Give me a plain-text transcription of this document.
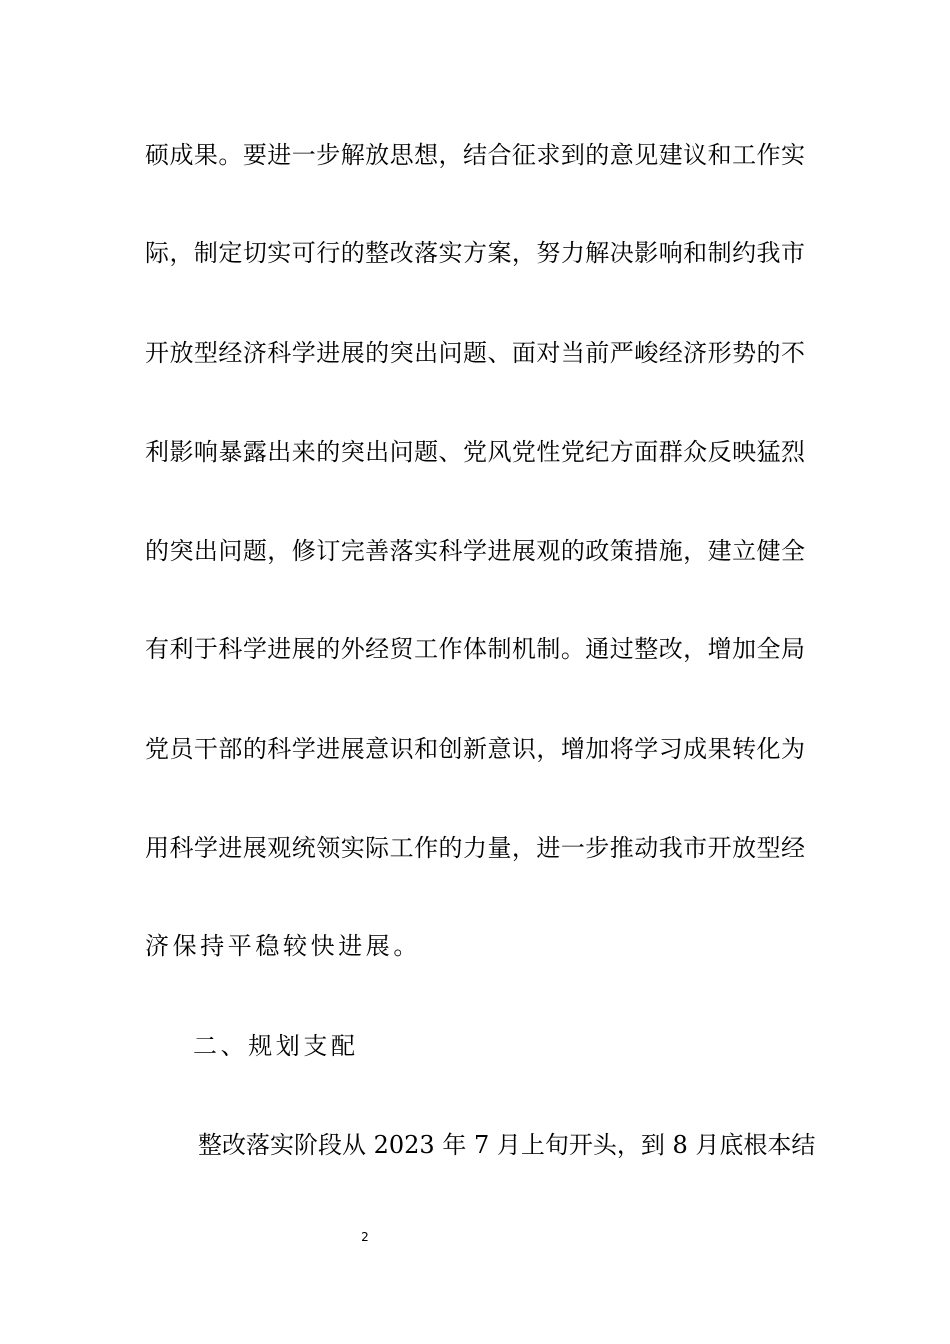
硕成果。要进一步解放思想，结合征求到的意见建议和工作实
际，制定切实可行的整改落实方案，努力解决影响和制约我市
开放型经济科学进展的突出问题、面对当前严峻经济形势的不
利影响暴露出来的突出问题、党风党性党纪方面群众反映猛烈
的突出问题，修订完善落实科学进展观的政策措施，建立健全
有利于科学进展的外经贸工作体制机制。通过整改，增加全局
党员干部的科学进展意识和创新意识，增加将学习成果转化为
用科学进展观统领实际工作的力量，进一步推动我市开放型经
济保持平稳较快进展。
二、规划支配
整改落实阶段从 2023 年 7 月上旬开头，到 8 月底根本结
2
